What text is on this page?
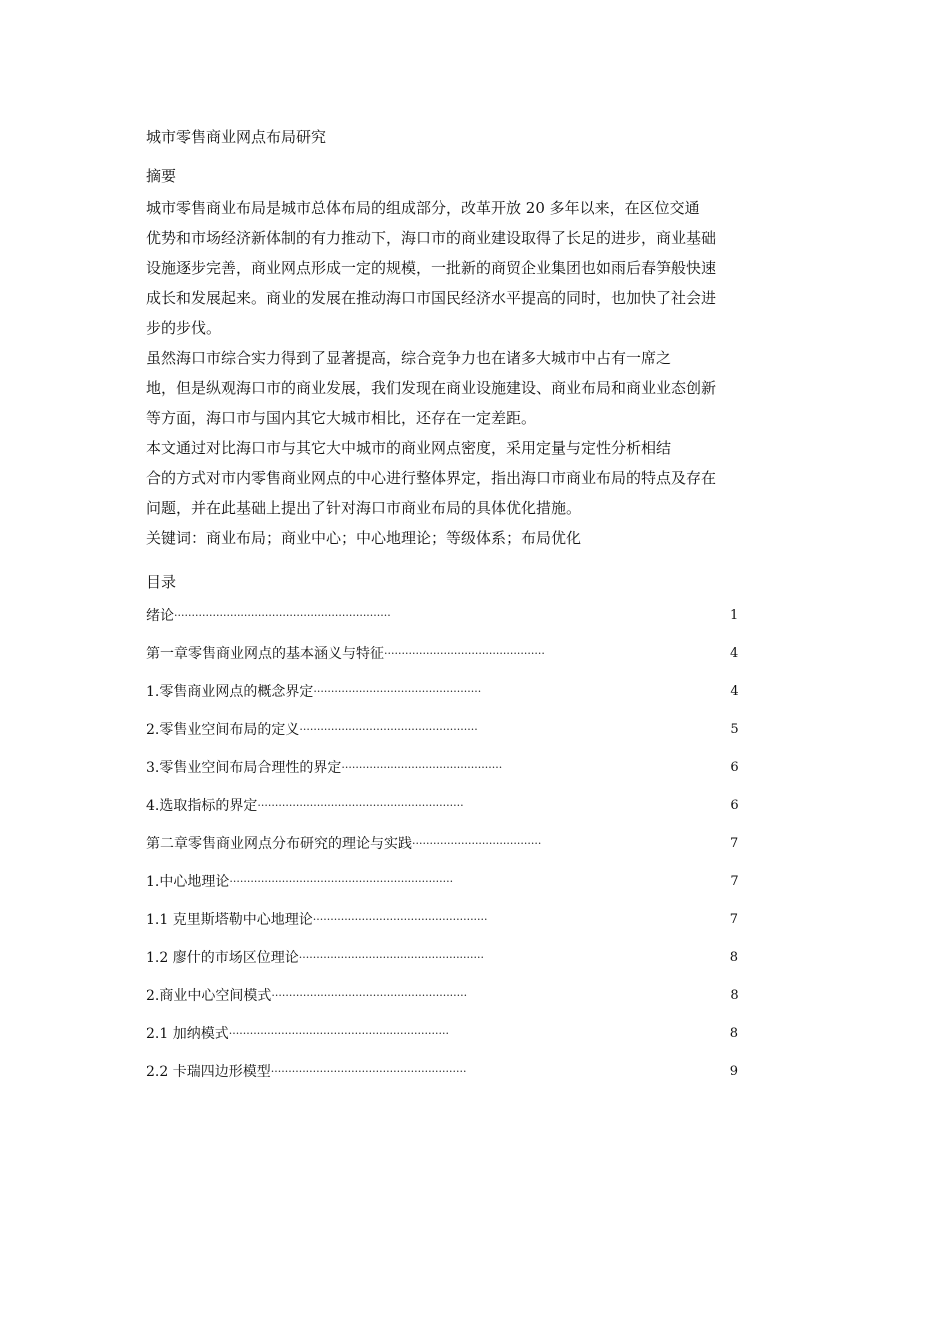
城市零售商业网点布局研究
摘要
城市零售商业布局是城市总体布局的组成部分，改革开放 20 多年以来，在区位交通
优势和市场经济新体制的有力推动下，海口市的商业建设取得了长足的进步，商业基础
设施逐步完善，商业网点形成一定的规模，一批新的商贸企业集团也如雨后春笋般快速
成长和发展起来。商业的发展在推动海口市国民经济水平提高的同时，也加快了社会进
步的步伐。
虽然海口市综合实力得到了显著提高，综合竞争力也在诸多大城市中占有一席之
地，但是纵观海口市的商业发展，我们发现在商业设施建设、商业布局和商业业态创新
等方面，海口市与国内其它大城市相比，还存在一定差距。
本文通过对比海口市与其它大中城市的商业网点密度，采用定量与定性分析相结
合的方式对市内零售商业网点的中心进行整体界定，指出海口市商业布局的特点及存在
问题，并在此基础上提出了针对海口市商业布局的具体优化措施。
关键词：商业布局；商业中心；中心地理论；等级体系；布局优化
目录
绪论 ······························································	1
第一章零售商业网点的基本涵义与特征 ··············································	4
1.零售商业网点的概念界定 ················································	4
2.零售业空间布局的定义 ···················································	5
3.零售业空间布局合理性的界定 ··············································	6
4.选取指标的界定 ···························································	6
第二章零售商业网点分布研究的理论与实践 ·····································	7
1.中心地理论 ································································	7
1.1 克里斯塔勒中心地理论 ··················································	7
1.2 廖什的市场区位理论 ·····················································	8
2.商业中心空间模式 ························································	8
2.1 加纳模式 ·······························································	8
2.2 卡瑞四边形模型 ························································	9
